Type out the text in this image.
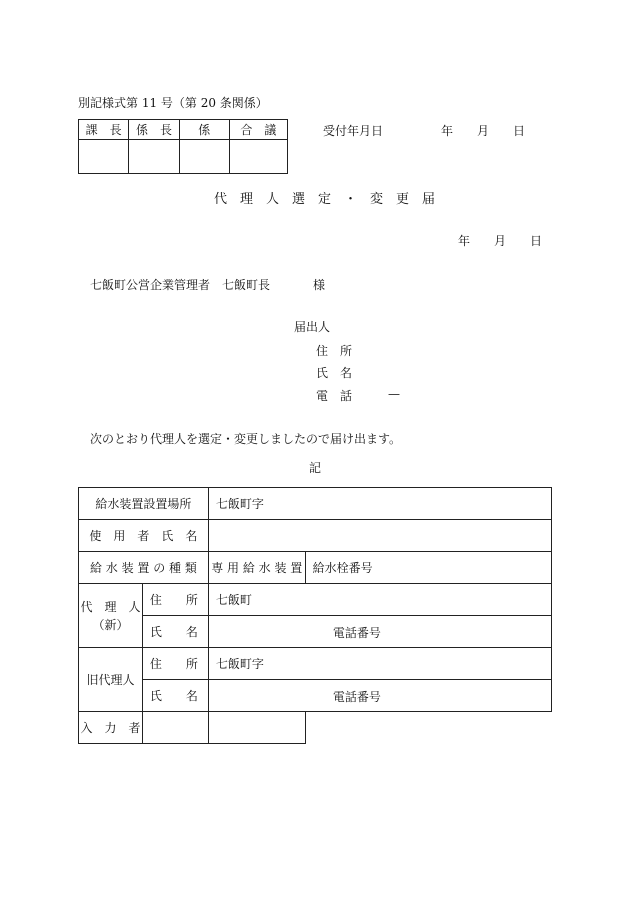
別記様式第 11 号（第 20 条関係）
課　長	係　長	係	合　議
				受付年月日	年 月 日
代　理　人　選　定　・　変　更　届
年 月 日
七飯町公営企業管理者　七飯町長	様
届出人
住　所
氏　名
電　話	—
次のとおり代理人を選定・変更しましたので届け出ます。
記
給水装置設置場所		七飯町字	
使　用　者　氏　名			
給 水 装 置 の 種 類		専 用 給 水 装 置	給水栓番号

代　理　人
（新）	住　　所	七飯町	
	氏　　名	電話番号	

旧代理人	住　　所	七飯町字	
	氏　　名	電話番号	

入　力　者			
